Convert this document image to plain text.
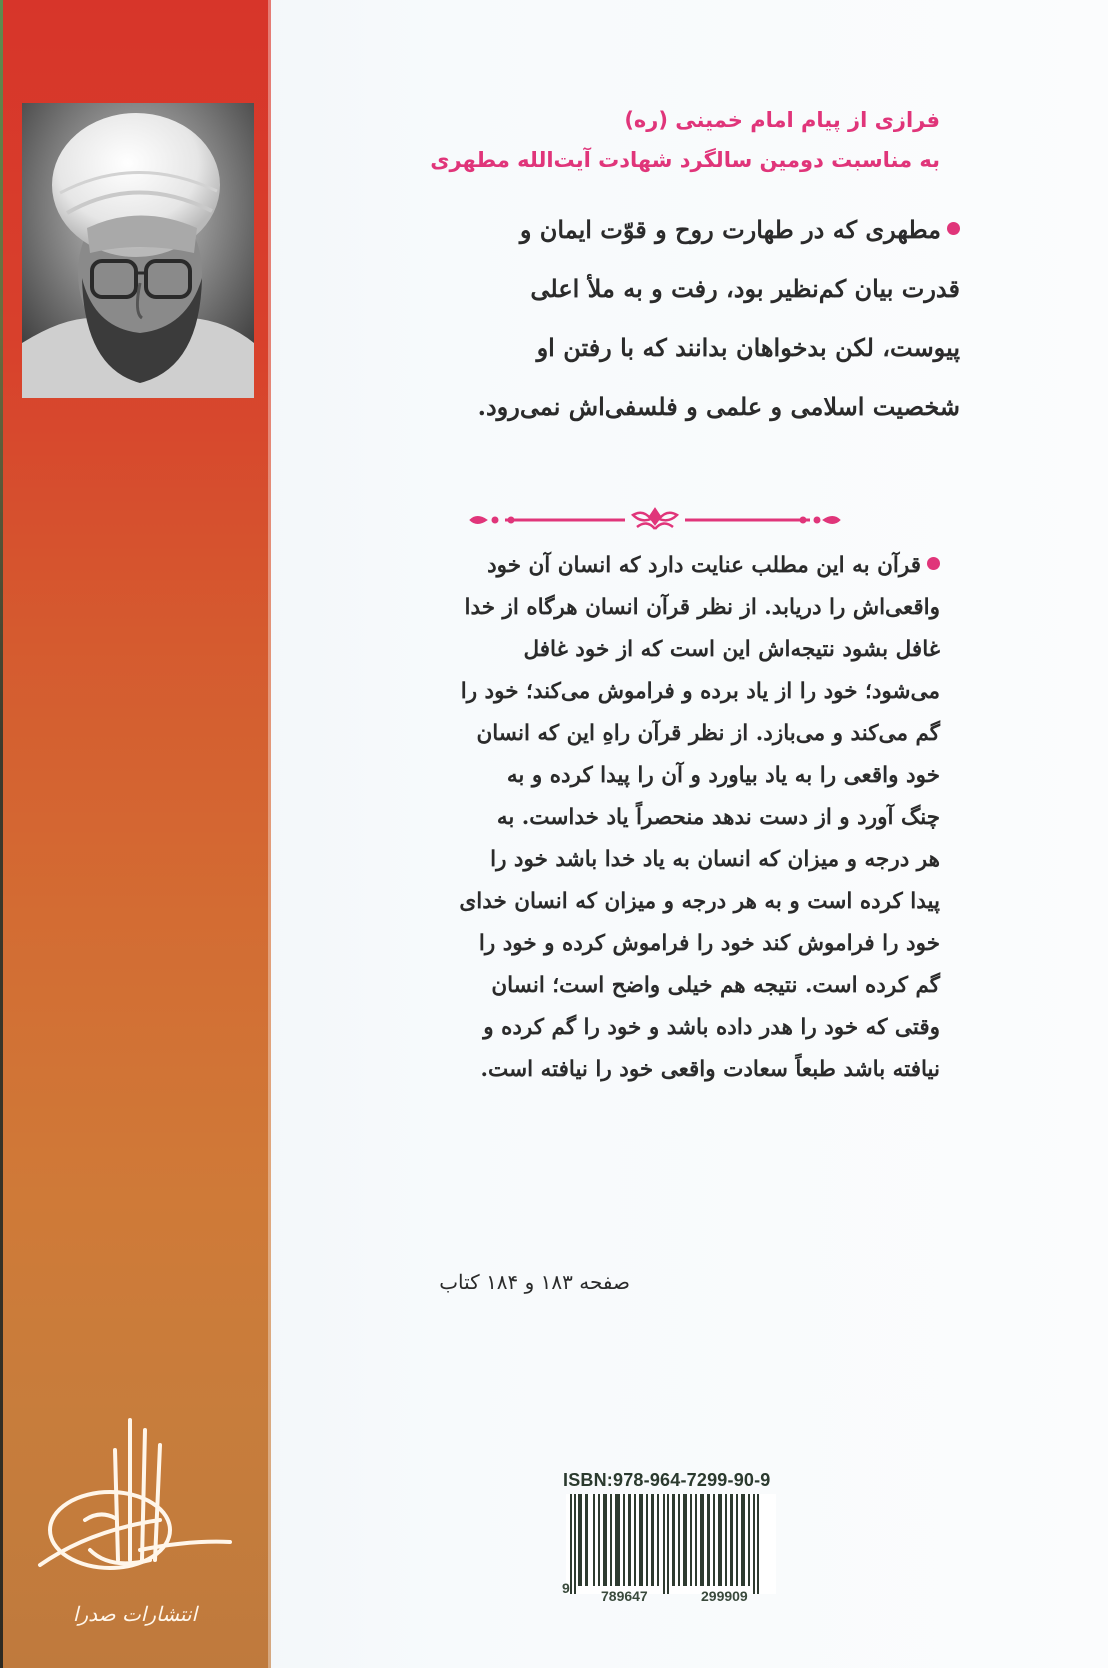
انتشارات صدرا
فرازی از پیام امام خمینی (ره)
به مناسبت دومین سالگرد شهادت آیت‌الله مطهری
مطهری که در طهارت روح و قوّت ایمان و
قدرت بیان کم‌نظیر بود، رفت و به ملأ اعلی
پیوست، لکن بدخواهان بدانند که با رفتن او
شخصیت اسلامی و علمی و فلسفی‌اش نمی‌رود.
قرآن به این مطلب عنایت دارد که انسان آن خود
واقعی‌اش را دریابد. از نظر قرآن انسان هرگاه از خدا
غافل بشود نتیجه‌اش این است که از خود غافل
می‌شود؛ خود را از یاد برده و فراموش می‌کند؛ خود را
گم می‌کند و می‌بازد. از نظر قرآن راهِ این که انسان
خود واقعی را به یاد بیاورد و آن را پیدا کرده و به
چنگ آورد و از دست ندهد منحصراً یاد خداست. به
هر درجه و میزان که انسان به یاد خدا باشد خود را
پیدا کرده است و به هر درجه و میزان که انسان خدای
خود را فراموش کند خود را فراموش کرده و خود را
گم کرده است. نتیجه هم خیلی واضح است؛ انسان
وقتی که خود را هدر داده باشد و خود را گم کرده و
نیافته باشد طبعاً سعادت واقعی خود را نیافته است.
صفحه ۱۸۳ و ۱۸۴ کتاب
ISBN:978-964-7299-90-9
9 789647	299909
